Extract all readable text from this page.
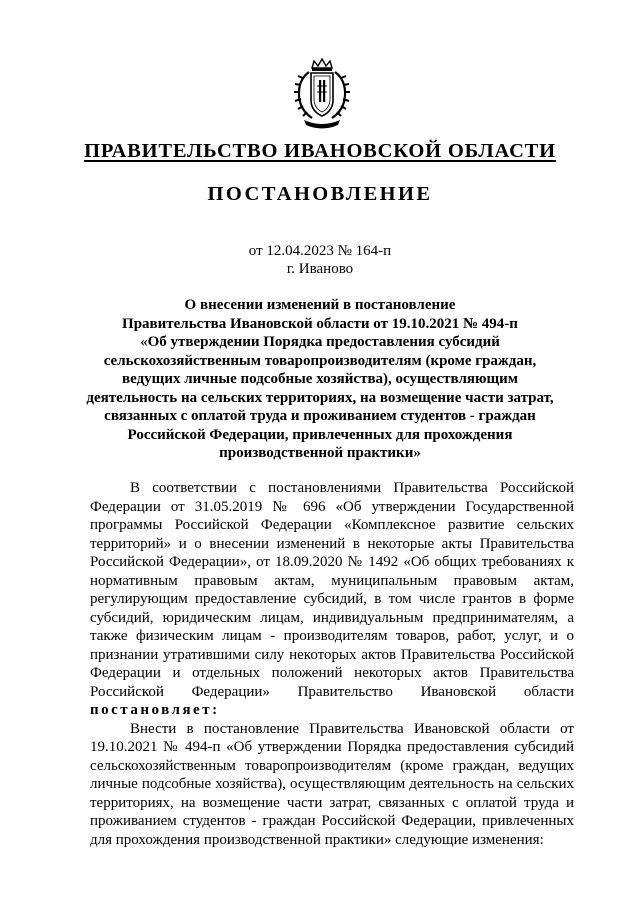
ПРАВИТЕЛЬСТВО ИВАНОВСКОЙ ОБЛАСТИ
ПОСТАНОВЛЕНИЕ
от 12.04.2023 № 164-п
г. Иваново
О внесении изменений в постановление
Правительства Ивановской области от 19.10.2021 № 494-п
«Об утверждении Порядка предоставления субсидий
сельскохозяйственным товаропроизводителям (кроме граждан,
ведущих личные подсобные хозяйства), осуществляющим
деятельность на сельских территориях, на возмещение части затрат,
связанных с оплатой труда и проживанием студентов - граждан
Российской Федерации, привлеченных для прохождения
производственной практики»

В соответствии с постановлениями Правительства Российской Федерации от 31.05.2019 № 696 «Об утверждении Государственной программы Российской Федерации «Комплексное развитие сельских территорий» и о внесении изменений в некоторые акты Правительства Российской Федерации», от 18.09.2020 № 1492 «Об общих требованиях к нормативным правовым актам, муниципальным правовым актам, регулирующим предоставление субсидий, в том числе грантов в форме субсидий, юридическим лицам, индивидуальным предпринимателям, а также физическим лицам - производителям товаров, работ, услуг, и о признании утратившими силу некоторых актов Правительства Российской Федерации и отдельных положений некоторых актов Правительства Российской Федерации» Правительство Ивановской области постановляет:

Внести в постановление Правительства Ивановской области от 19.10.2021 № 494-п «Об утверждении Порядка предоставления субсидий сельскохозяйственным товаропроизводителям (кроме граждан, ведущих личные подсобные хозяйства), осуществляющим деятельность на сельских территориях, на возмещение части затрат, связанных с оплатой труда и проживанием студентов - граждан Российской Федерации, привлеченных для прохождения производственной практики» следующие изменения:
